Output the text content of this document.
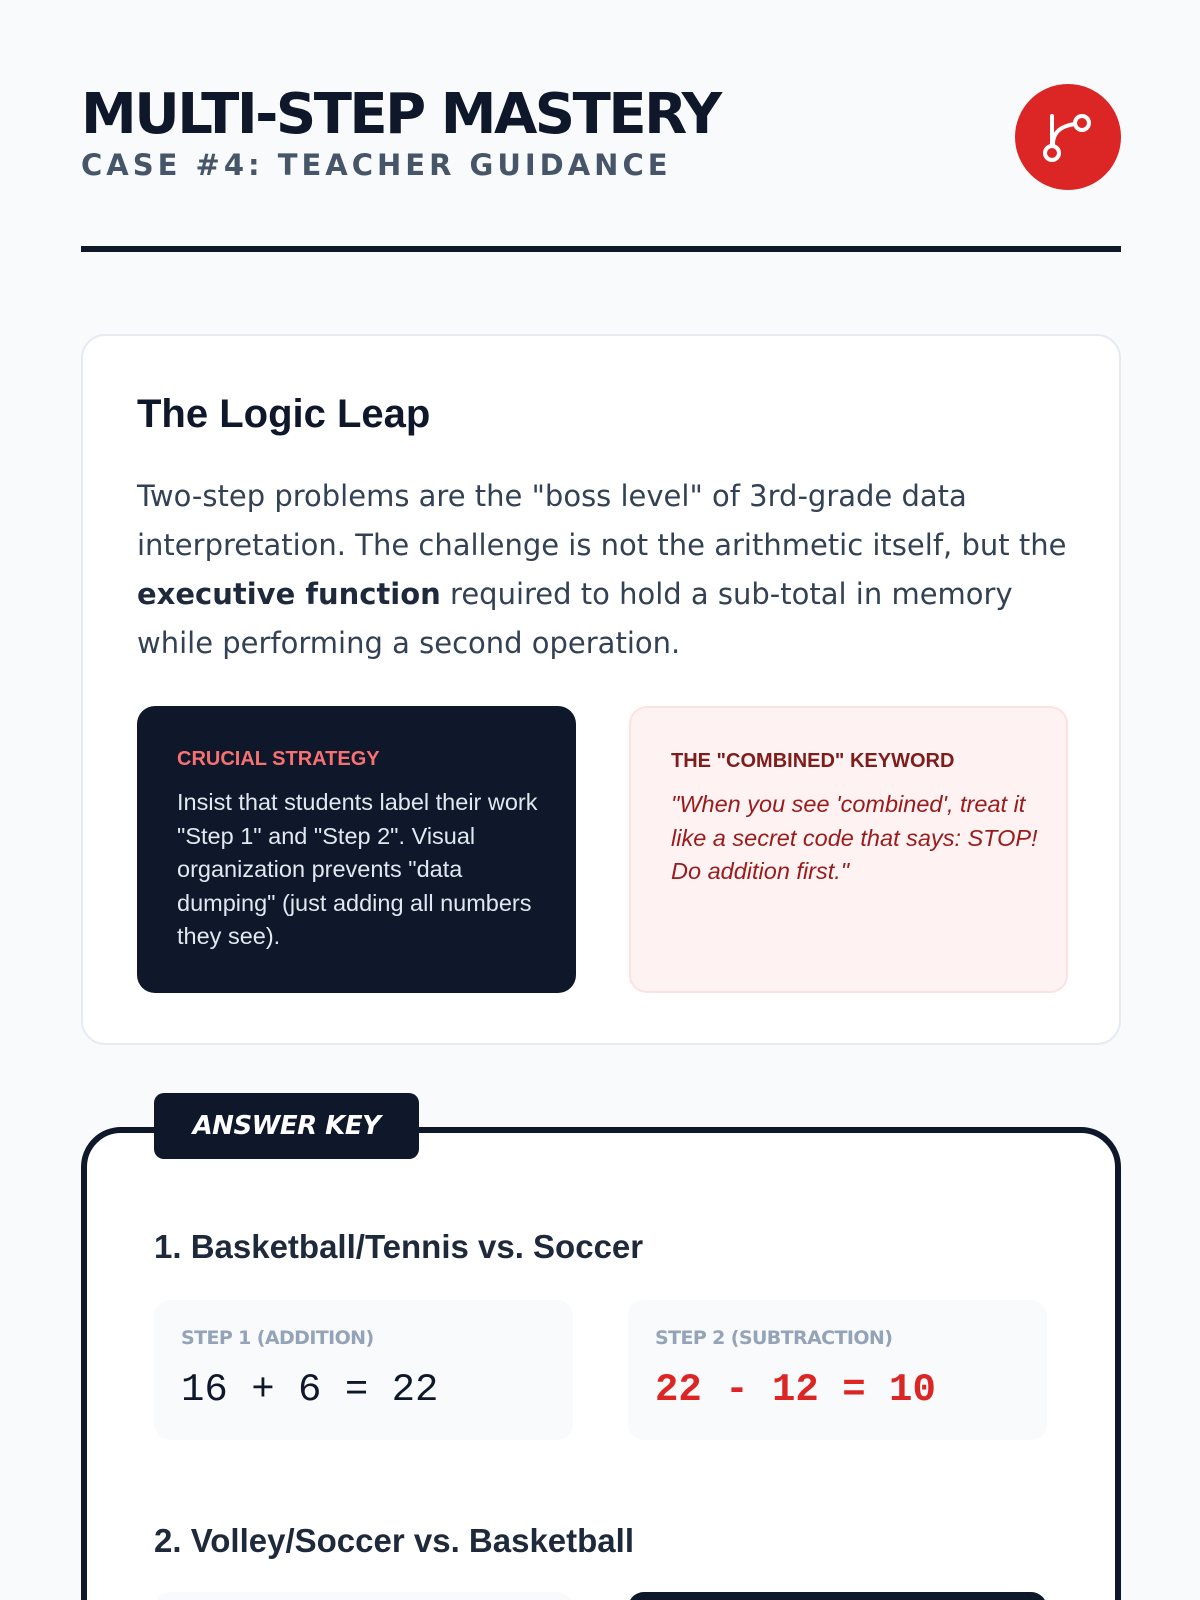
MULTI-STEP MASTERY
CASE #4: TEACHER GUIDANCE
The Logic Leap

Two-step problems are the "boss level" of 3rd-grade data interpretation. The challenge is not the arithmetic itself, but the executive function required to hold a sub-total in memory while performing a second operation.

CRUCIAL STRATEGY
Insist that students label their work "Step 1" and "Step 2". Visual organization prevents "data dumping" (just adding all numbers they see).
THE "COMBINED" KEYWORD
"When you see 'combined', treat it like a secret code that says: STOP! Do addition first."
ANSWER KEY
1. Basketball/Tennis vs. Soccer
STEP 1 (ADDITION)
16 + 6 = 22
STEP 2 (SUBTRACTION)
22 - 12 = 10
2. Volley/Soccer vs. Basketball
